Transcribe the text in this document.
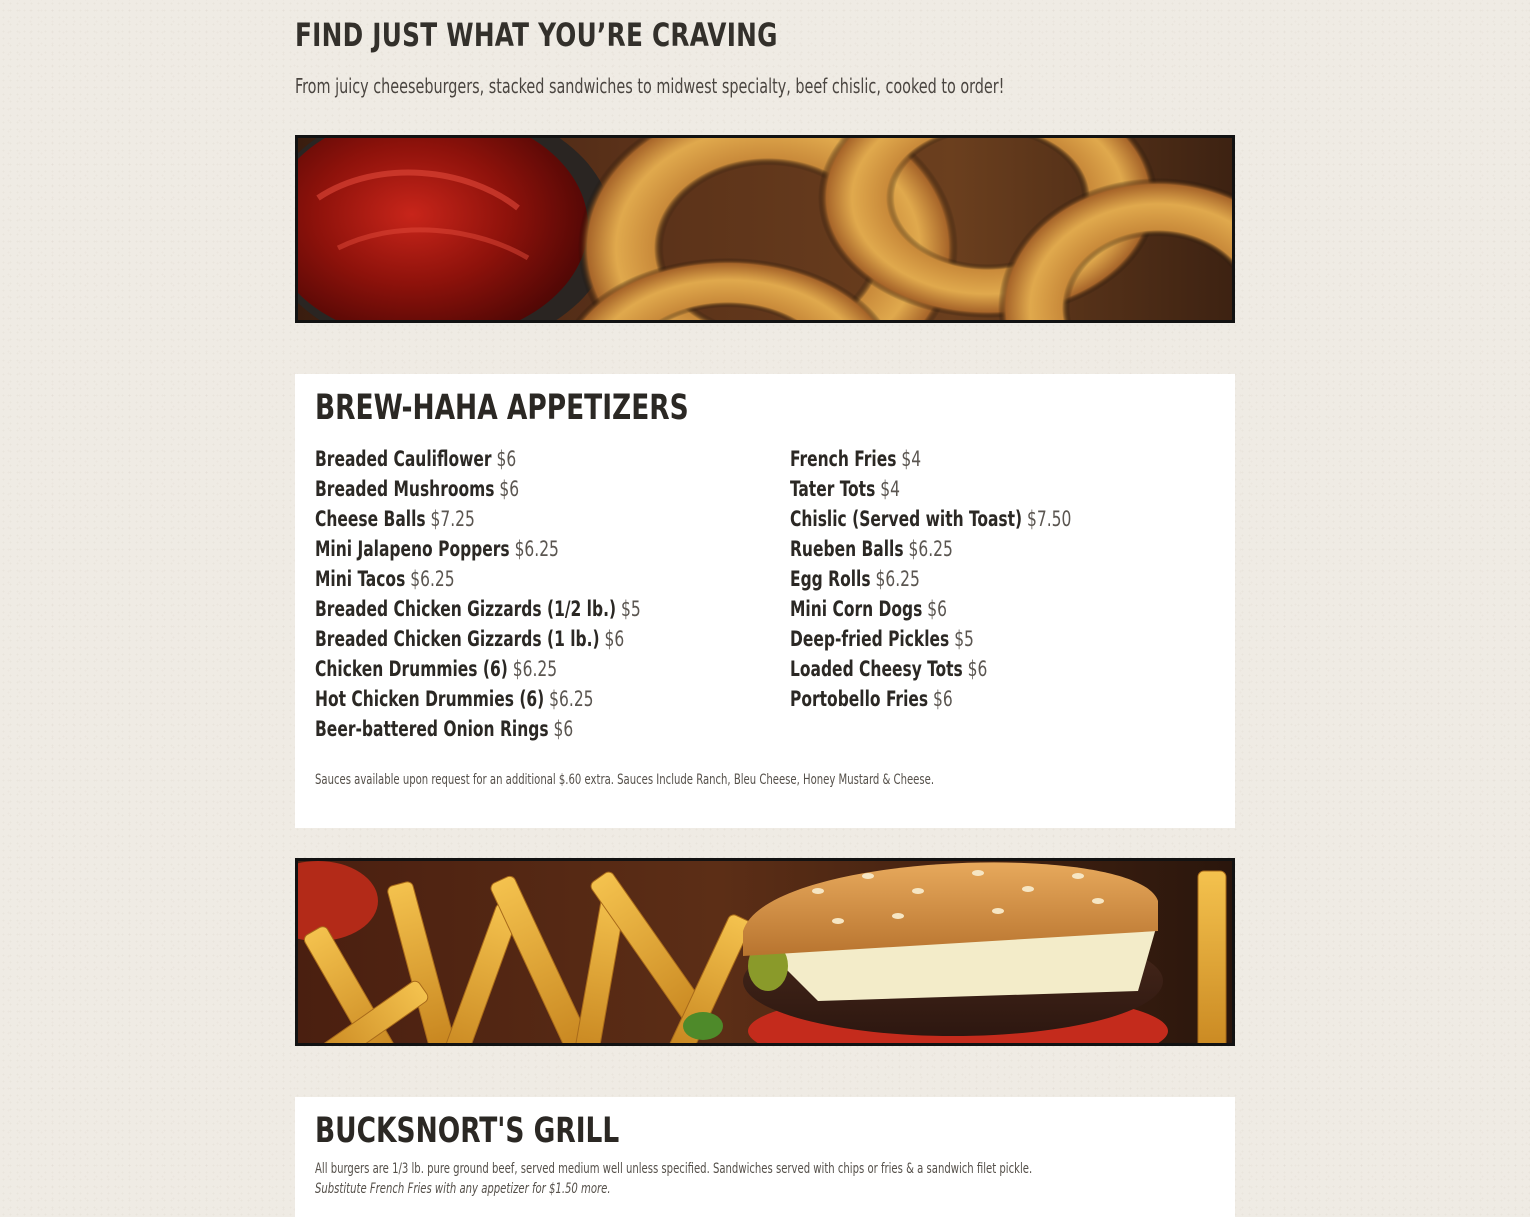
FIND JUST WHAT YOU’RE CRAVING

From juicy cheeseburgers, stacked sandwiches to midwest specialty, beef chislic, cooked to order!

BREW-HAHA APPETIZERS
Breaded Cauliflower $6
Breaded Mushrooms $6
Cheese Balls $7.25
Mini Jalapeno Poppers $6.25
Mini Tacos $6.25
Breaded Chicken Gizzards (1/2 lb.) $5
Breaded Chicken Gizzards (1 lb.) $6
Chicken Drummies (6) $6.25
Hot Chicken Drummies (6) $6.25
Beer-battered Onion Rings $6
French Fries $4
Tater Tots $4
Chislic (Served with Toast) $7.50
Rueben Balls $6.25
Egg Rolls $6.25
Mini Corn Dogs $6
Deep-fried Pickles $5
Loaded Cheesy Tots $6
Portobello Fries $6

Sauces available upon request for an additional $.60 extra. Sauces Include Ranch, Bleu Cheese, Honey Mustard & Cheese.

BUCKSNORT'S GRILL

All burgers are 1/3 lb. pure ground beef, served medium well unless specified. Sandwiches served with chips or fries & a sandwich filet pickle.

Substitute French Fries with any appetizer for $1.50 more.
